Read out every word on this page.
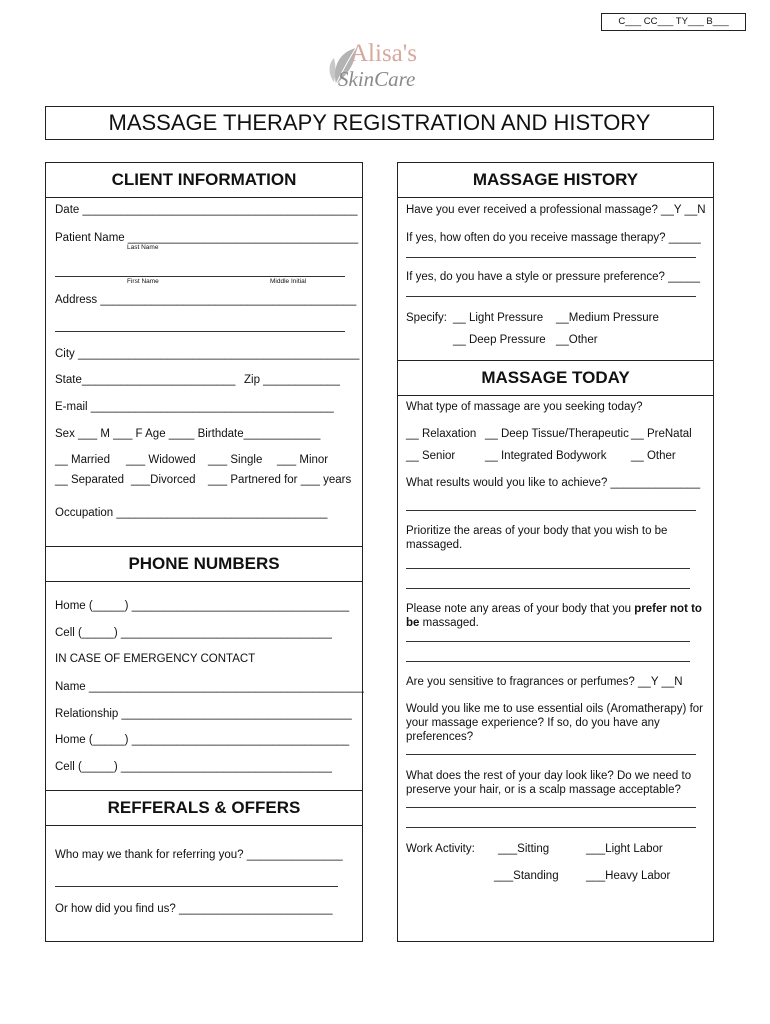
C___ CC___ TY___ B___
Alisa's
SkinCare
MASSAGE THERAPY REGISTRATION AND HISTORY
CLIENT INFORMATION
PHONE NUMBERS
REFFERALS & OFFERS
Date ___________________________________________
Patient Name ____________________________________
Last Name
First Name	Middle Initial
Address ________________________________________
City ____________________________________________
State________________________ Zip ____________
E-mail ______________________________________
Sex ___ M ___ F Age ____ Birthdate____________
__ Married ___ Widowed ___ Single ___ Minor
__ Separated ___Divorced ___ Partnered for ___ years
Occupation _________________________________
Home (_____) __________________________________
Cell (_____) _________________________________
IN CASE OF EMERGENCY CONTACT
Name ___________________________________________
Relationship ____________________________________
Home (_____) __________________________________
Cell (_____) _________________________________
Who may we thank for referring you? _______________
Or how did you find us? ________________________
MASSAGE HISTORY
MASSAGE TODAY
Have you ever received a professional massage? __Y __N
If yes, how often do you receive massage therapy? _____
If yes, do you have a style or pressure preference? _____
Specify: __ Light Pressure __Medium Pressure
__ Deep Pressure __Other
What type of massage are you seeking today?
__ Relaxation __ Deep Tissue/Therapeutic __ PreNatal
__ Senior	__ Integrated Bodywork __ Other
What results would you like to achieve? ______________
Prioritize the areas of your body that you wish to be massaged.
Please note any areas of your body that you prefer not to be massaged.
Are you sensitive to fragrances or perfumes? __Y __N
Would you like me to use essential oils (Aromatherapy) for your massage experience? If so, do you have any preferences?
What does the rest of your day look like? Do we need to preserve your hair, or is a scalp massage acceptable?
Work Activity: ___Sitting	___Light Labor
___Standing ___Heavy Labor
